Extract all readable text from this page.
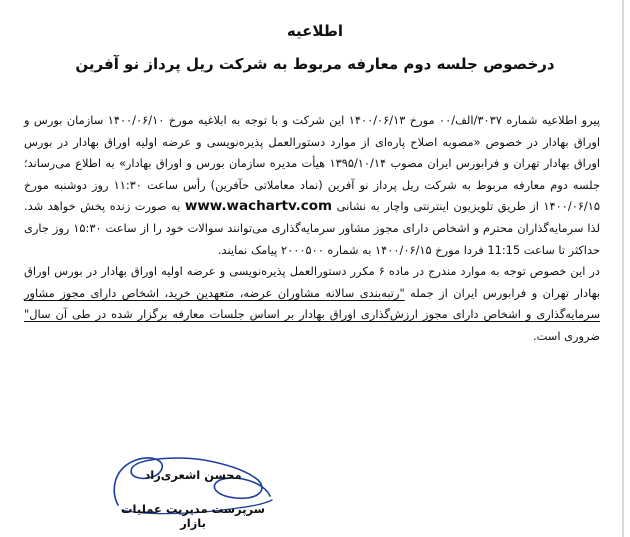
اطلاعیه
درخصوص جلسه دوم معارفه مربوط به شرکت ریل پرداز نو آفرین

پیرو اطلاعیه شماره ۳۰۳۷/الف/۰۰ مورخ ۱۴۰۰/۰۶/۱۳ این شرکت و با توجه به ابلاغیه مورخ ۱۴۰۰/۰۶/۱۰ سازمان بورس و اوراق بهادار در خصوص «مصوبه اصلاح پاره‌ای از موارد دستورالعمل پذیره‌نویسی و عرضه اولیه اوراق بهادار در بورس اوراق بهادار تهران و فرابورس ایران مصوب ۱۳۹۵/۱۰/۱۴ هیأت مدیره سازمان بورس و اوراق بهادار» به اطلاع می‌رساند؛ جلسه دوم معارفه مربوط به شرکت ریل پرداز نو آفرین (نماد معاملاتی حآفرین) رأس ساعت ۱۱:۳۰ روز دوشنبه مورخ ۱۴۰۰/۰۶/۱۵ از طریق تلویزیون اینترنتی واچار به نشانی www.wachartv.com به صورت زنده پخش خواهد شد. لذا سرمایه‌گذاران محترم و اشخاص دارای مجوز مشاور سرمایه‌گذاری می‌توانند سوالات خود را از ساعت ۱۵:۳۰ روز جاری حداکثر تا ساعت 11:15 فردا مورخ ۱۴۰۰/۰۶/۱۵ به شماره ۲۰۰۰۵۰۰ پیامک نمایند.

در این خصوص توجه به موارد مندرج در ماده ۶ مکرر دستورالعمل پذیره‌نویسی و عرضه اولیه اوراق بهادار در بورس اوراق بهادار تهران و فرابورس ایران از جمله "رتبه‌بندی سالانه مشاوران عرضه، متعهدین خرید، اشخاص دارای مجوز مشاور سرمایه‌گذاری و اشخاص دارای مجوز ارزش‌گذاری اوراق بهادار بر اساس جلسات معارفه برگزار شده در طی آن سال" ضروری است.

محسن اشعری‌زاد
سرپرست مدیریت عملیات بازار
